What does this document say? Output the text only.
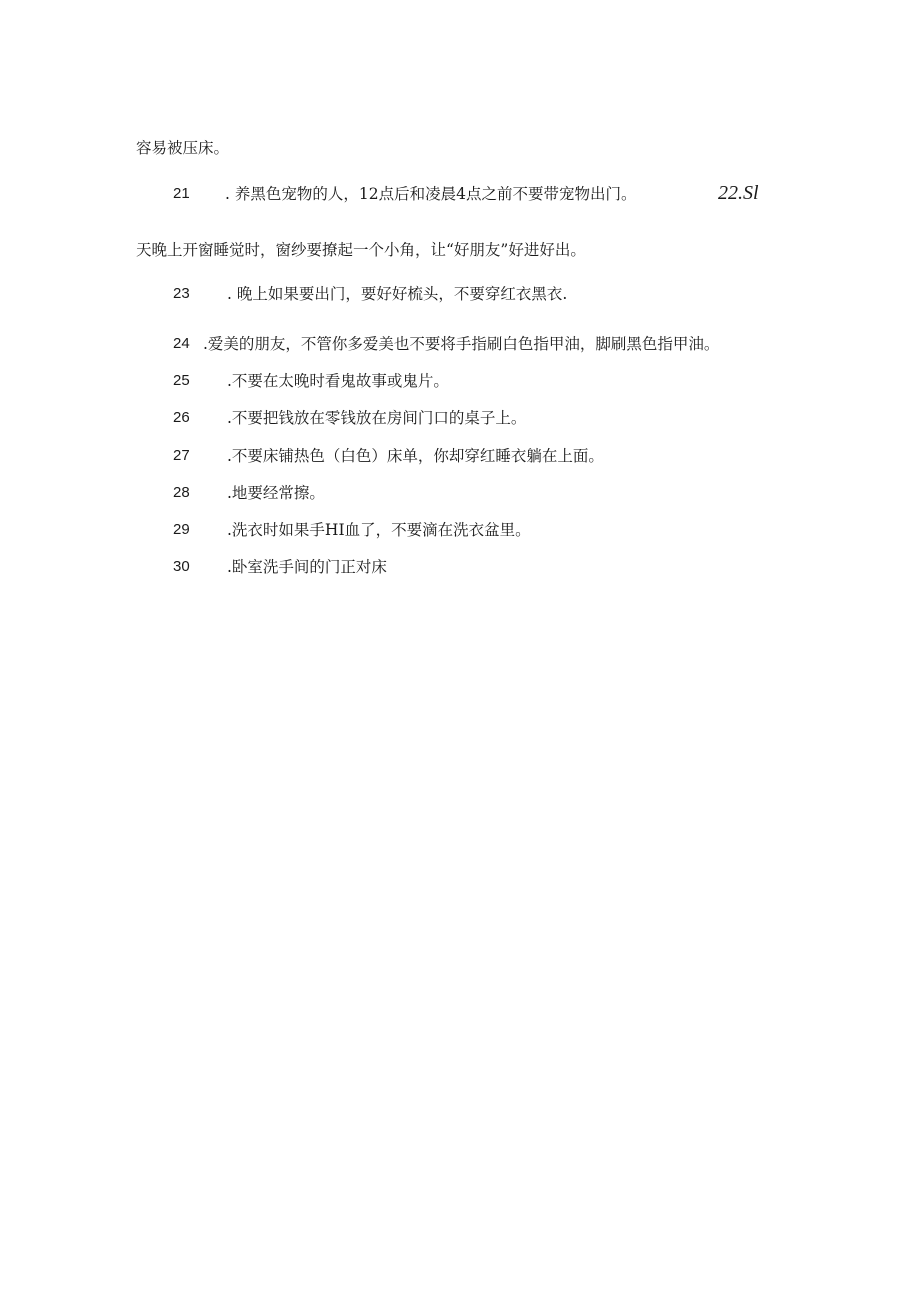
容易被压床。
21 . 养黑色宠物的人，12点后和凌晨4点之前不要带宠物出门。	22.Sl
天晚上开窗睡觉时，窗纱要撩起一个小角，让“好朋友”好进好出。
23 . 晚上如果要出门，要好好梳头，不要穿红衣黑衣.
24 .爱美的朋友，不管你多爱美也不要将手指刷白色指甲油，脚刷黑色指甲油。
25 .不要在太晚时看鬼故事或鬼片。
26 .不要把钱放在零钱放在房间门口的桌子上。
27 .不要床铺热色（白色）床单，你却穿红睡衣躺在上面。
28 .地要经常擦。
29 .洗衣时如果手HI血了，不要滴在洗衣盆里。
30 .卧室洗手间的门正对床
